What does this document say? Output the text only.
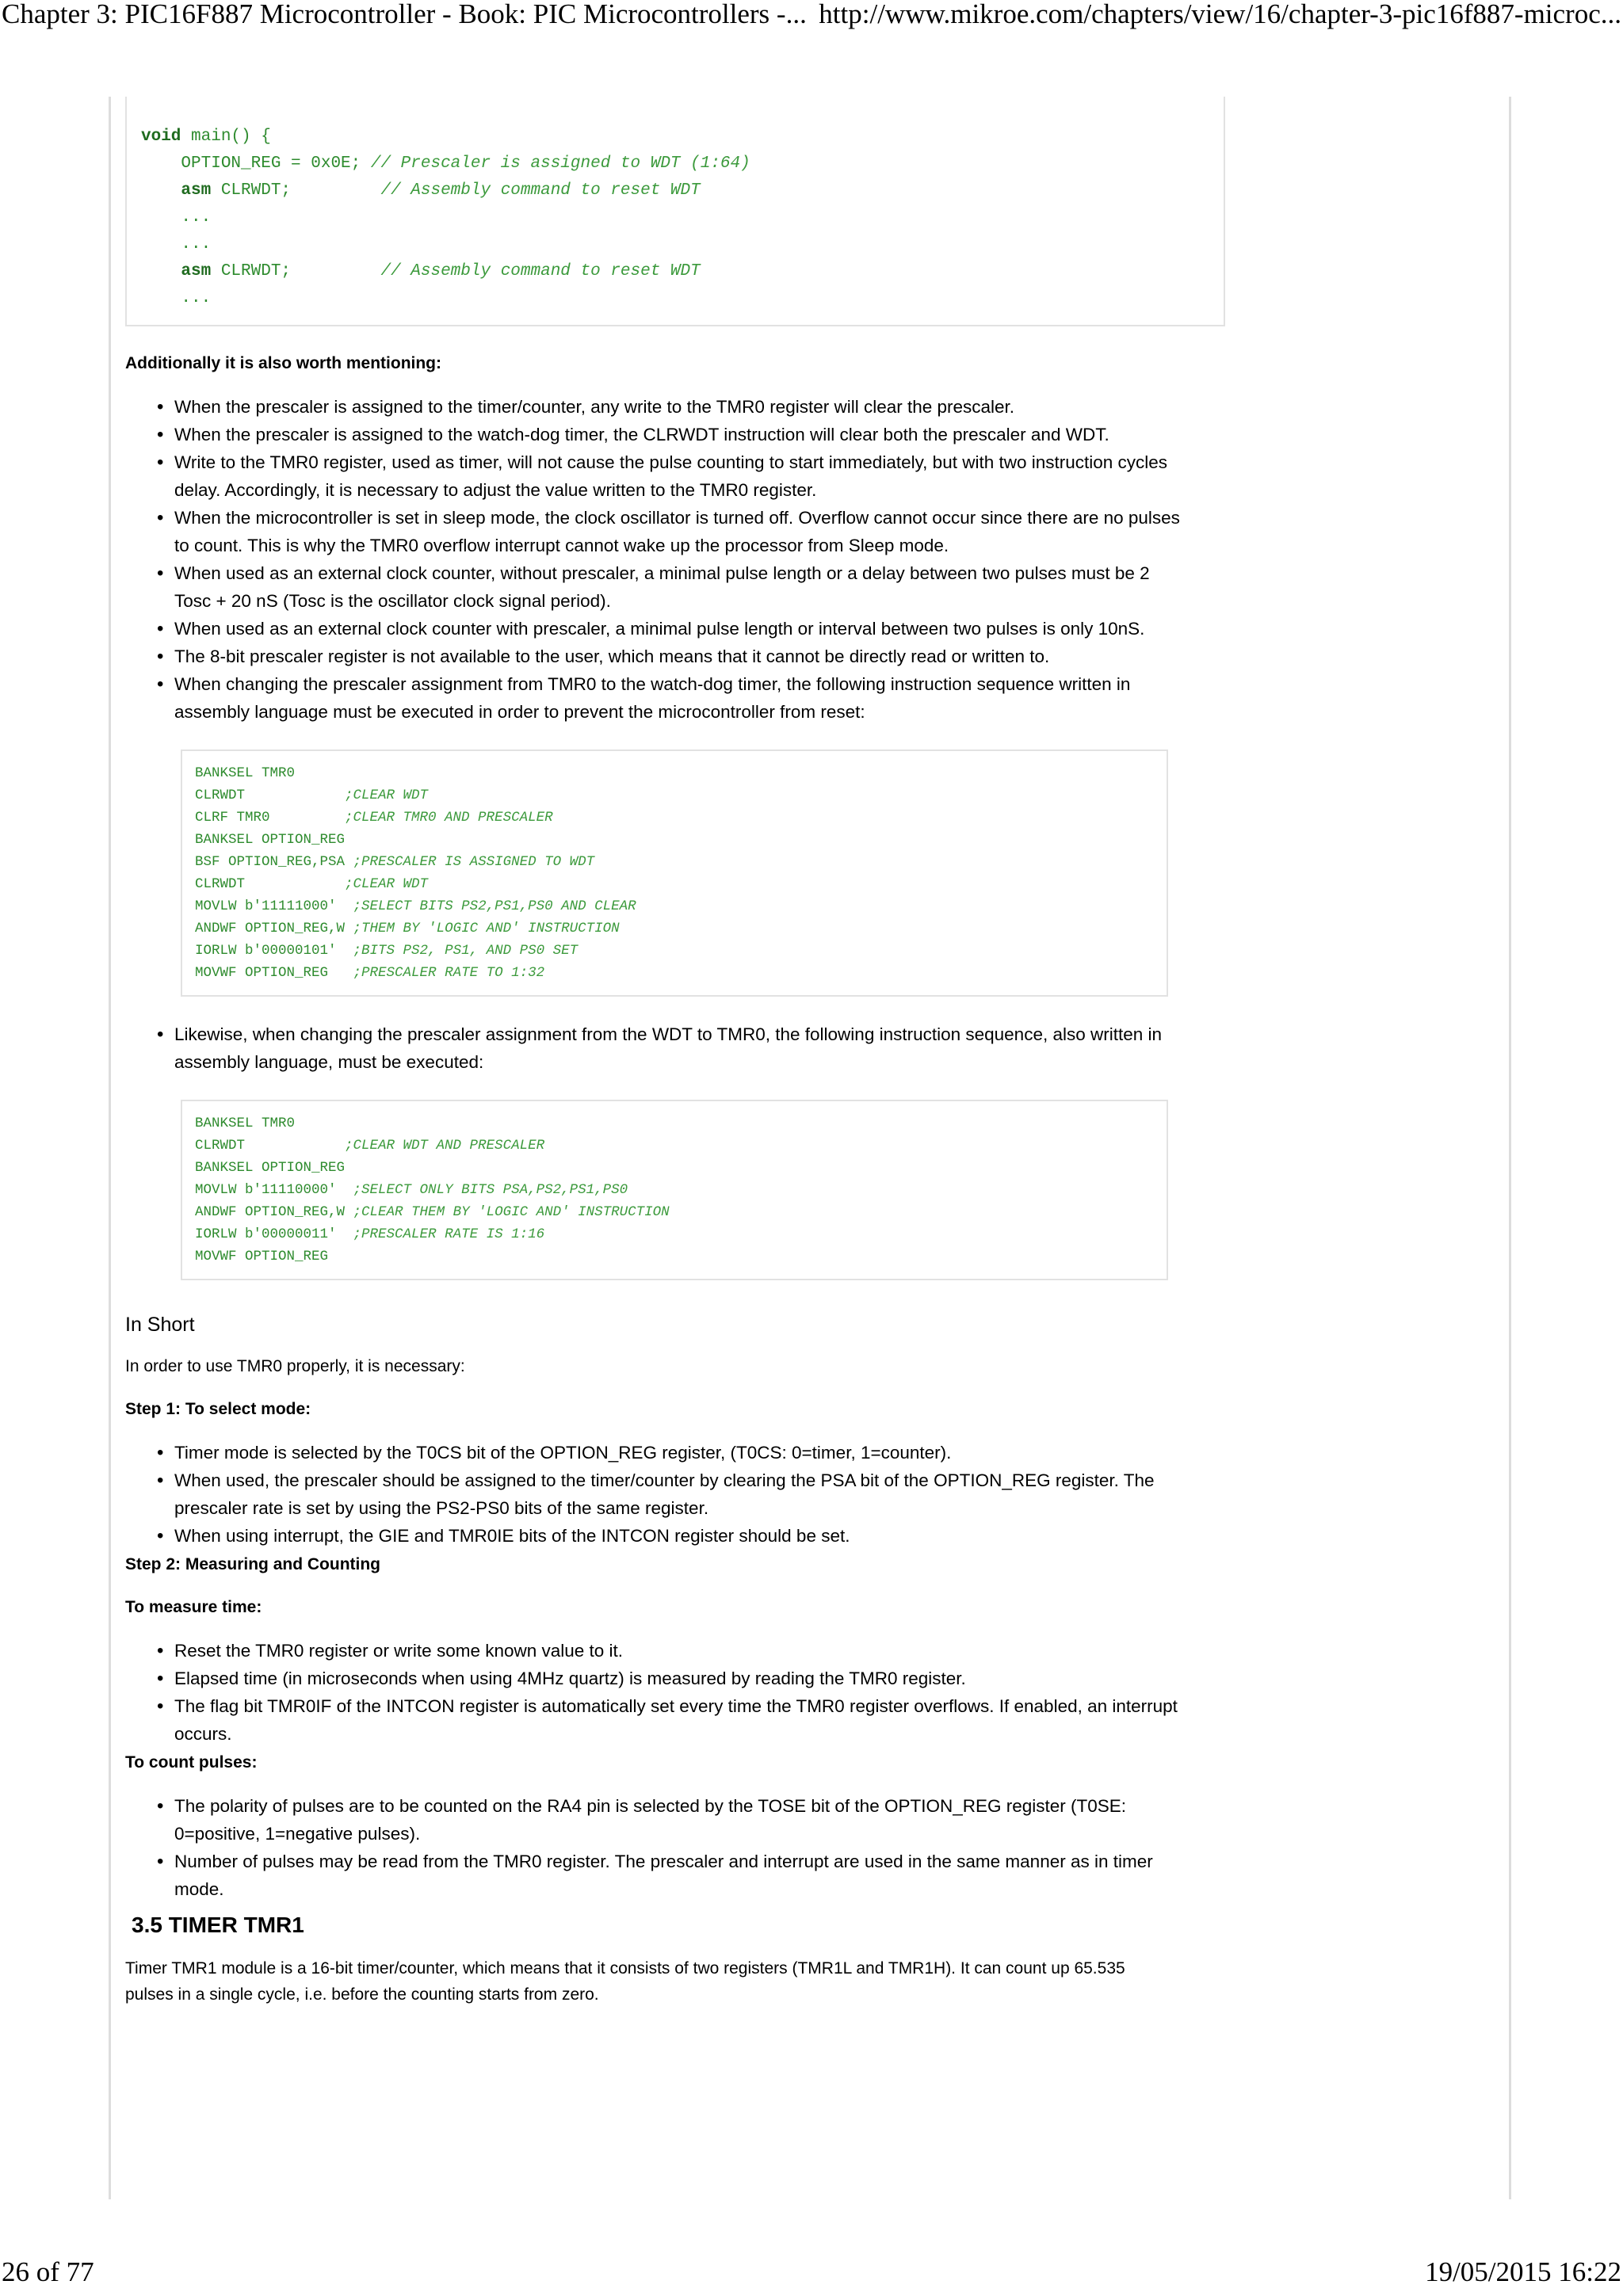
Chapter 3: PIC16F887 Microcontroller - Book: PIC Microcontrollers -... http://www.mikroe.com/chapters/view/16/chapter-3-pic16f887-microc...
void main() {
OPTION_REG = 0x0E; // Prescaler is assigned to WDT (1:64)
asm CLRWDT;         // Assembly command to reset WDT
...
...
asm CLRWDT;         // Assembly command to reset WDT
...

Additionally it is also worth mentioning:

• When the prescaler is assigned to the timer/counter, any write to the TMR0 register will clear the prescaler.
• When the prescaler is assigned to the watch-dog timer, the CLRWDT instruction will clear both the prescaler and WDT.
• Write to the TMR0 register, used as timer, will not cause the pulse counting to start immediately, but with two instruction cycles delay. Accordingly, it is necessary to adjust the value written to the TMR0 register.
• When the microcontroller is set in sleep mode, the clock oscillator is turned off. Overflow cannot occur since there are no pulses to count. This is why the TMR0 overflow interrupt cannot wake up the processor from Sleep mode.
• When used as an external clock counter, without prescaler, a minimal pulse length or a delay between two pulses must be 2 Tosc + 20 nS (Tosc is the oscillator clock signal period).
• When used as an external clock counter with prescaler, a minimal pulse length or interval between two pulses is only 10nS.
• The 8-bit prescaler register is not available to the user, which means that it cannot be directly read or written to.
• When changing the prescaler assignment from TMR0 to the watch-dog timer, the following instruction sequence written in assembly language must be executed in order to prevent the microcontroller from reset:
BANKSEL TMR0
CLRWDT            ;CLEAR WDT
CLRF TMR0         ;CLEAR TMR0 AND PRESCALER
BANKSEL OPTION_REG
BSF OPTION_REG,PSA ;PRESCALER IS ASSIGNED TO WDT
CLRWDT            ;CLEAR WDT
MOVLW b'11111000'  ;SELECT BITS PS2,PS1,PS0 AND CLEAR
ANDWF OPTION_REG,W ;THEM BY 'LOGIC AND' INSTRUCTION
IORLW b'00000101'  ;BITS PS2, PS1, AND PS0 SET
MOVWF OPTION_REG   ;PRESCALER RATE TO 1:32
• Likewise, when changing the prescaler assignment from the WDT to TMR0, the following instruction sequence, also written in assembly language, must be executed:
BANKSEL TMR0
CLRWDT            ;CLEAR WDT AND PRESCALER
BANKSEL OPTION_REG
MOVLW b'11110000'  ;SELECT ONLY BITS PSA,PS2,PS1,PS0
ANDWF OPTION_REG,W ;CLEAR THEM BY 'LOGIC AND' INSTRUCTION
IORLW b'00000011'  ;PRESCALER RATE IS 1:16
MOVWF OPTION_REG

In Short

In order to use TMR0 properly, it is necessary:

Step 1: To select mode:

• Timer mode is selected by the T0CS bit of the OPTION_REG register, (T0CS: 0=timer, 1=counter).
• When used, the prescaler should be assigned to the timer/counter by clearing the PSA bit of the OPTION_REG register. The prescaler rate is set by using the PS2-PS0 bits of the same register.
• When using interrupt, the GIE and TMR0IE bits of the INTCON register should be set.

Step 2: Measuring and Counting

To measure time:

• Reset the TMR0 register or write some known value to it.
• Elapsed time (in microseconds when using 4MHz quartz) is measured by reading the TMR0 register.
• The flag bit TMR0IF of the INTCON register is automatically set every time the TMR0 register overflows. If enabled, an interrupt occurs.

To count pulses:

• The polarity of pulses are to be counted on the RA4 pin is selected by the TOSE bit of the OPTION_REG register (T0SE: 0=positive, 1=negative pulses).
• Number of pulses may be read from the TMR0 register. The prescaler and interrupt are used in the same manner as in timer mode.

3.5 TIMER TMR1

Timer TMR1 module is a 16-bit timer/counter, which means that it consists of two registers (TMR1L and TMR1H). It can count up 65.535 pulses in a single cycle, i.e. before the counting starts from zero.

26 of 77	19/05/2015 16:22
